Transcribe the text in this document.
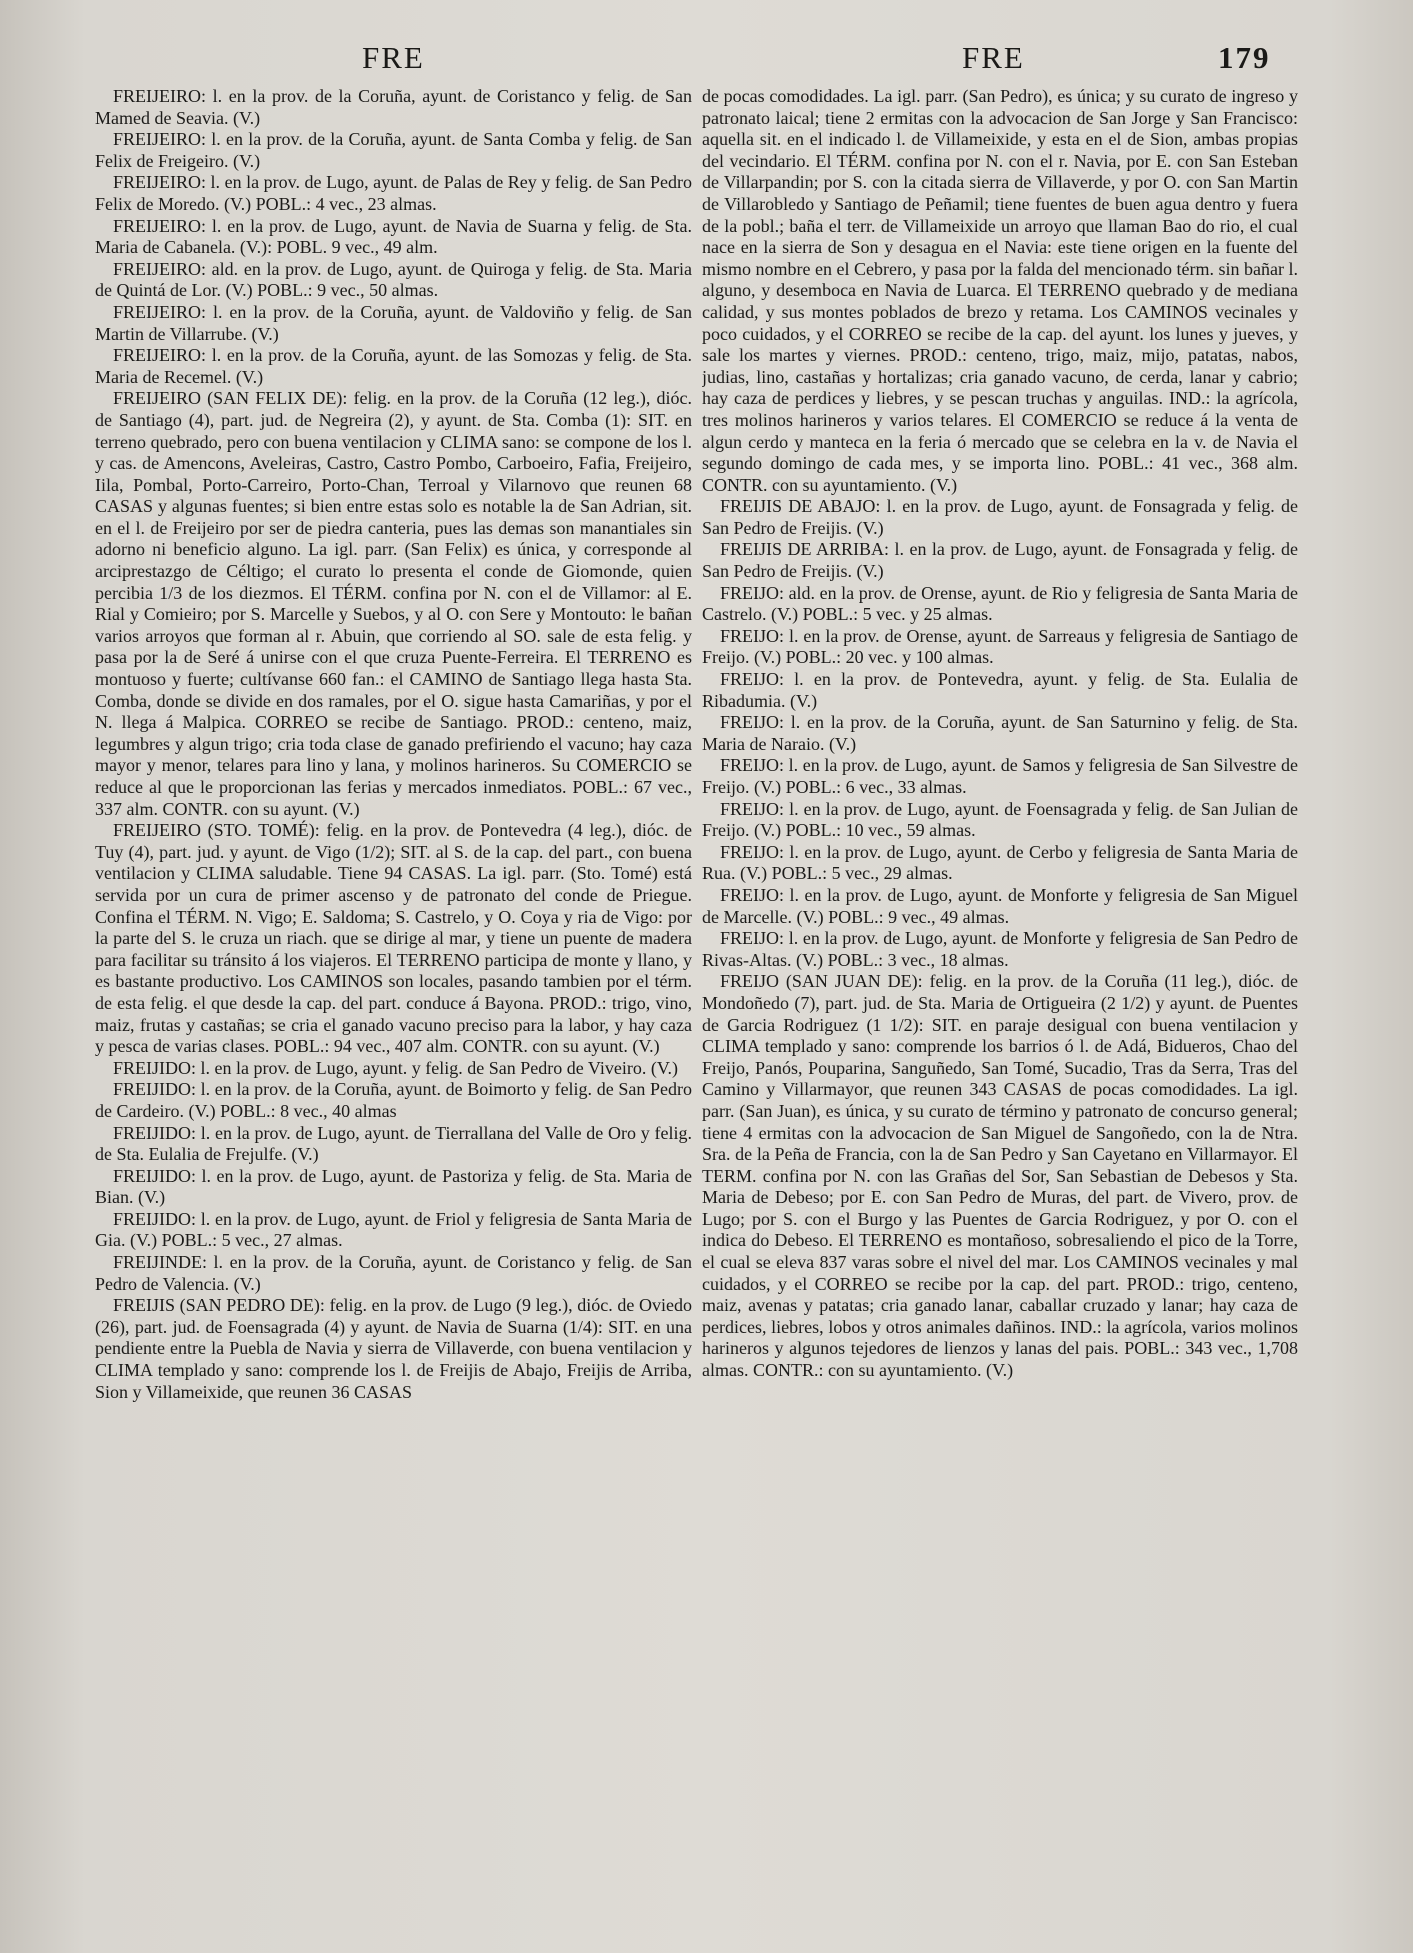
FRE	FRE	179

FREIJEIRO: l. en la prov. de la Coruña, ayunt. de Coristanco y felig. de San Mamed de Seavia. (V.)

FREIJEIRO: l. en la prov. de la Coruña, ayunt. de Santa Comba y felig. de San Felix de Freigeiro. (V.)

FREIJEIRO: l. en la prov. de Lugo, ayunt. de Palas de Rey y felig. de San Pedro Felix de Moredo. (V.) POBL.: 4 vec., 23 almas.

FREIJEIRO: l. en la prov. de Lugo, ayunt. de Navia de Suarna y felig. de Sta. Maria de Cabanela. (V.): POBL. 9 vec., 49 alm.

FREIJEIRO: ald. en la prov. de Lugo, ayunt. de Quiroga y felig. de Sta. Maria de Quintá de Lor. (V.) POBL.: 9 vec., 50 almas.

FREIJEIRO: l. en la prov. de la Coruña, ayunt. de Valdoviño y felig. de San Martin de Villarrube. (V.)

FREIJEIRO: l. en la prov. de la Coruña, ayunt. de las Somozas y felig. de Sta. Maria de Recemel. (V.)

FREIJEIRO (SAN FELIX DE): felig. en la prov. de la Coruña (12 leg.), dióc. de Santiago (4), part. jud. de Negreira (2), y ayunt. de Sta. Comba (1): SIT. en terreno quebrado, pero con buena ventilacion y CLIMA sano: se compone de los l. y cas. de Amencons, Aveleiras, Castro, Castro Pombo, Carboeiro, Fafia, Freijeiro, Iila, Pombal, Porto-Carreiro, Porto-Chan, Terroal y Vilarnovo que reunen 68 CASAS y algunas fuentes; si bien entre estas solo es notable la de San Adrian, sit. en el l. de Freijeiro por ser de piedra canteria, pues las demas son manantiales sin adorno ni beneficio alguno. La igl. parr. (San Felix) es única, y corresponde al arciprestazgo de Céltigo; el curato lo presenta el conde de Giomonde, quien percibia 1/3 de los diezmos. El TÉRM. confina por N. con el de Villamor: al E. Rial y Comieiro; por S. Marcelle y Suebos, y al O. con Sere y Montouto: le bañan varios arroyos que forman al r. Abuin, que corriendo al SO. sale de esta felig. y pasa por la de Seré á unirse con el que cruza Puente-Ferreira. El TERRENO es montuoso y fuerte; cultívanse 660 fan.: el CAMINO de Santiago llega hasta Sta. Comba, donde se divide en dos ramales, por el O. sigue hasta Camariñas, y por el N. llega á Malpica. CORREO se recibe de Santiago. PROD.: centeno, maiz, legumbres y algun trigo; cria toda clase de ganado prefiriendo el vacuno; hay caza mayor y menor, telares para lino y lana, y molinos harineros. Su COMERCIO se reduce al que le proporcionan las ferias y mercados inmediatos. POBL.: 67 vec., 337 alm. CONTR. con su ayunt. (V.)

FREIJEIRO (STO. TOMÉ): felig. en la prov. de Pontevedra (4 leg.), dióc. de Tuy (4), part. jud. y ayunt. de Vigo (1/2); SIT. al S. de la cap. del part., con buena ventilacion y CLIMA saludable. Tiene 94 CASAS. La igl. parr. (Sto. Tomé) está servida por un cura de primer ascenso y de patronato del conde de Priegue. Confina el TÉRM. N. Vigo; E. Saldoma; S. Castrelo, y O. Coya y ria de Vigo: por la parte del S. le cruza un riach. que se dirige al mar, y tiene un puente de madera para facilitar su tránsito á los viajeros. El TERRENO participa de monte y llano, y es bastante productivo. Los CAMINOS son locales, pasando tambien por el térm. de esta felig. el que desde la cap. del part. conduce á Bayona. PROD.: trigo, vino, maiz, frutas y castañas; se cria el ganado vacuno preciso para la labor, y hay caza y pesca de varias clases. POBL.: 94 vec., 407 alm. CONTR. con su ayunt. (V.)

FREIJIDO: l. en la prov. de Lugo, ayunt. y felig. de San Pedro de Viveiro. (V.)

FREIJIDO: l. en la prov. de la Coruña, ayunt. de Boimorto y felig. de San Pedro de Cardeiro. (V.) POBL.: 8 vec., 40 almas

FREIJIDO: l. en la prov. de Lugo, ayunt. de Tierrallana del Valle de Oro y felig. de Sta. Eulalia de Frejulfe. (V.)

FREIJIDO: l. en la prov. de Lugo, ayunt. de Pastoriza y felig. de Sta. Maria de Bian. (V.)

FREIJIDO: l. en la prov. de Lugo, ayunt. de Friol y feligresia de Santa Maria de Gia. (V.) POBL.: 5 vec., 27 almas.

FREIJINDE: l. en la prov. de la Coruña, ayunt. de Coristanco y felig. de San Pedro de Valencia. (V.)

FREIJIS (SAN PEDRO DE): felig. en la prov. de Lugo (9 leg.), dióc. de Oviedo (26), part. jud. de Foensagrada (4) y ayunt. de Navia de Suarna (1/4): SIT. en una pendiente entre la Puebla de Navia y sierra de Villaverde, con buena ventilacion y CLIMA templado y sano: comprende los l. de Freijis de Abajo, Freijis de Arriba, Sion y Villameixide, que reunen 36 CASAS

de pocas comodidades. La igl. parr. (San Pedro), es única; y su curato de ingreso y patronato laical; tiene 2 ermitas con la advocacion de San Jorge y San Francisco: aquella sit. en el indicado l. de Villameixide, y esta en el de Sion, ambas propias del vecindario. El TÉRM. confina por N. con el r. Navia, por E. con San Esteban de Villarpandin; por S. con la citada sierra de Villaverde, y por O. con San Martin de Villarobledo y Santiago de Peñamil; tiene fuentes de buen agua dentro y fuera de la pobl.; baña el terr. de Villameixide un arroyo que llaman Bao do rio, el cual nace en la sierra de Son y desagua en el Navia: este tiene origen en la fuente del mismo nombre en el Cebrero, y pasa por la falda del mencionado térm. sin bañar l. alguno, y desemboca en Navia de Luarca. El TERRENO quebrado y de mediana calidad, y sus montes poblados de brezo y retama. Los CAMINOS vecinales y poco cuidados, y el CORREO se recibe de la cap. del ayunt. los lunes y jueves, y sale los martes y viernes. PROD.: centeno, trigo, maiz, mijo, patatas, nabos, judias, lino, castañas y hortalizas; cria ganado vacuno, de cerda, lanar y cabrio; hay caza de perdices y liebres, y se pescan truchas y anguilas. IND.: la agrícola, tres molinos harineros y varios telares. El COMERCIO se reduce á la venta de algun cerdo y manteca en la feria ó mercado que se celebra en la v. de Navia el segundo domingo de cada mes, y se importa lino. POBL.: 41 vec., 368 alm. CONTR. con su ayuntamiento. (V.)

FREIJIS DE ABAJO: l. en la prov. de Lugo, ayunt. de Fonsagrada y felig. de San Pedro de Freijis. (V.)

FREIJIS DE ARRIBA: l. en la prov. de Lugo, ayunt. de Fonsagrada y felig. de San Pedro de Freijis. (V.)

FREIJO: ald. en la prov. de Orense, ayunt. de Rio y feligresia de Santa Maria de Castrelo. (V.) POBL.: 5 vec. y 25 almas.

FREIJO: l. en la prov. de Orense, ayunt. de Sarreaus y feligresia de Santiago de Freijo. (V.) POBL.: 20 vec. y 100 almas.

FREIJO: l. en la prov. de Pontevedra, ayunt. y felig. de Sta. Eulalia de Ribadumia. (V.)

FREIJO: l. en la prov. de la Coruña, ayunt. de San Saturnino y felig. de Sta. Maria de Naraio. (V.)

FREIJO: l. en la prov. de Lugo, ayunt. de Samos y feligresia de San Silvestre de Freijo. (V.) POBL.: 6 vec., 33 almas.

FREIJO: l. en la prov. de Lugo, ayunt. de Foensagrada y felig. de San Julian de Freijo. (V.) POBL.: 10 vec., 59 almas.

FREIJO: l. en la prov. de Lugo, ayunt. de Cerbo y feligresia de Santa Maria de Rua. (V.) POBL.: 5 vec., 29 almas.

FREIJO: l. en la prov. de Lugo, ayunt. de Monforte y feligresia de San Miguel de Marcelle. (V.) POBL.: 9 vec., 49 almas.

FREIJO: l. en la prov. de Lugo, ayunt. de Monforte y feligresia de San Pedro de Rivas-Altas. (V.) POBL.: 3 vec., 18 almas.

FREIJO (SAN JUAN DE): felig. en la prov. de la Coruña (11 leg.), dióc. de Mondoñedo (7), part. jud. de Sta. Maria de Ortigueira (2 1/2) y ayunt. de Puentes de Garcia Rodriguez (1 1/2): SIT. en paraje desigual con buena ventilacion y CLIMA templado y sano: comprende los barrios ó l. de Adá, Bidueros, Chao del Freijo, Panós, Pouparina, Sanguñedo, San Tomé, Sucadio, Tras da Serra, Tras del Camino y Villarmayor, que reunen 343 CASAS de pocas comodidades. La igl. parr. (San Juan), es única, y su curato de término y patronato de concurso general; tiene 4 ermitas con la advocacion de San Miguel de Sangoñedo, con la de Ntra. Sra. de la Peña de Francia, con la de San Pedro y San Cayetano en Villarmayor. El TERM. confina por N. con las Grañas del Sor, San Sebastian de Debesos y Sta. Maria de Debeso; por E. con San Pedro de Muras, del part. de Vivero, prov. de Lugo; por S. con el Burgo y las Puentes de Garcia Rodriguez, y por O. con el indica do Debeso. El TERRENO es montañoso, sobresaliendo el pico de la Torre, el cual se eleva 837 varas sobre el nivel del mar. Los CAMINOS vecinales y mal cuidados, y el CORREO se recibe por la cap. del part. PROD.: trigo, centeno, maiz, avenas y patatas; cria ganado lanar, caballar cruzado y lanar; hay caza de perdices, liebres, lobos y otros animales dañinos. IND.: la agrícola, varios molinos harineros y algunos tejedores de lienzos y lanas del pais. POBL.: 343 vec., 1,708 almas. CONTR.: con su ayuntamiento. (V.)
